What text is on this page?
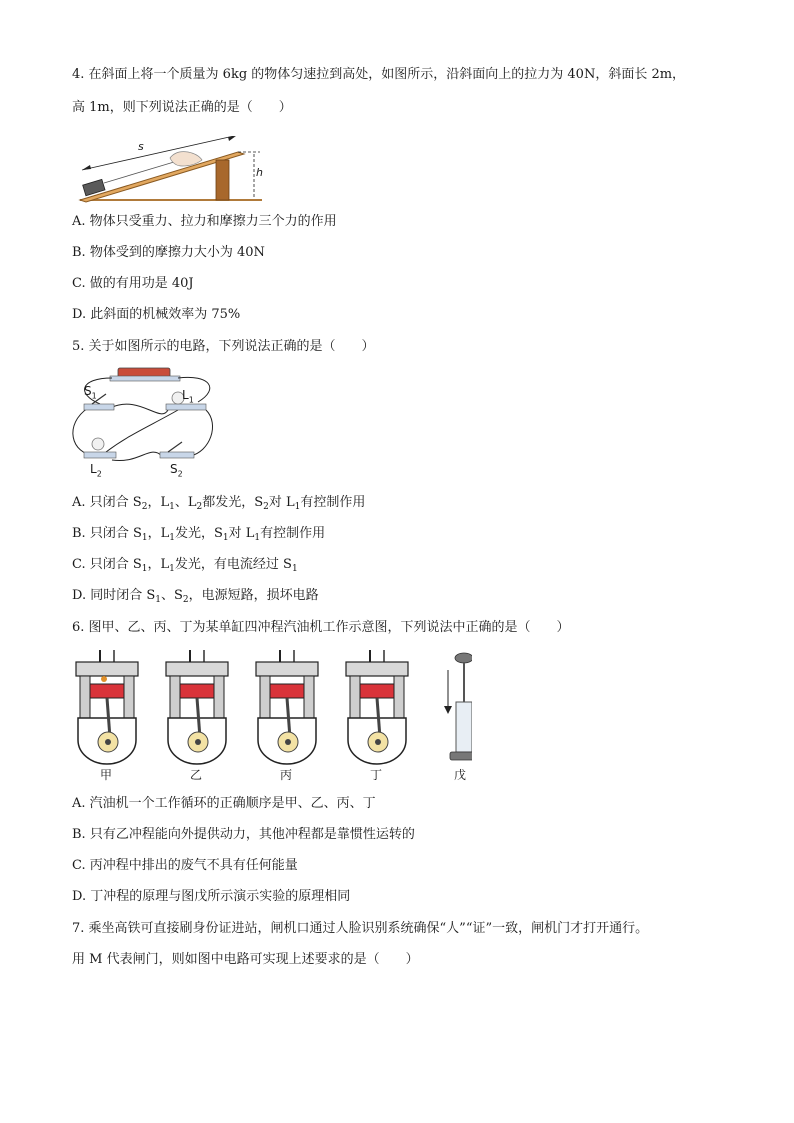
4. 在斜面上将一个质量为 6kg 的物体匀速拉到高处，如图所示，沿斜面向上的拉力为 40N，斜面长 2m，
高 1m，则下列说法正确的是（　　）
s
h
A. 物体只受重力、拉力和摩擦力三个力的作用
B. 物体受到的摩擦力大小为 40N
C. 做的有用功是 40J
D. 此斜面的机械效率为 75%
5. 关于如图所示的电路，下列说法正确的是（　　）
$S_1$	$L_1$
$L_2$	$S_2$
A. 只闭合 $S_2$，$L_1$、$L_2$都发光，$S_2$对 $L_1$有控制作用
B. 只闭合 $S_1$，$L_1$发光，$S_1$对 $L_1$有控制作用
C. 只闭合 $S_1$，$L_1$发光，有电流经过 $S_1$
D. 同时闭合 $S_1$、$S_2$，电源短路，损坏电路
6. 图甲、乙、丙、丁为某单缸四冲程汽油机工作示意图，下列说法中正确的是（　　）
甲	乙	丙	丁	戊
A. 汽油机一个工作循环的正确顺序是甲、乙、丙、丁
B. 只有乙冲程能向外提供动力，其他冲程都是靠惯性运转的
C. 丙冲程中排出的废气不具有任何能量
D. 丁冲程的原理与图戊所示演示实验的原理相同
7. 乘坐高铁可直接刷身份证进站，闸机口通过人脸识别系统确保“人”“证”一致，闸机门才打开通行。
用 M 代表闸门，则如图中电路可实现上述要求的是（　　）
